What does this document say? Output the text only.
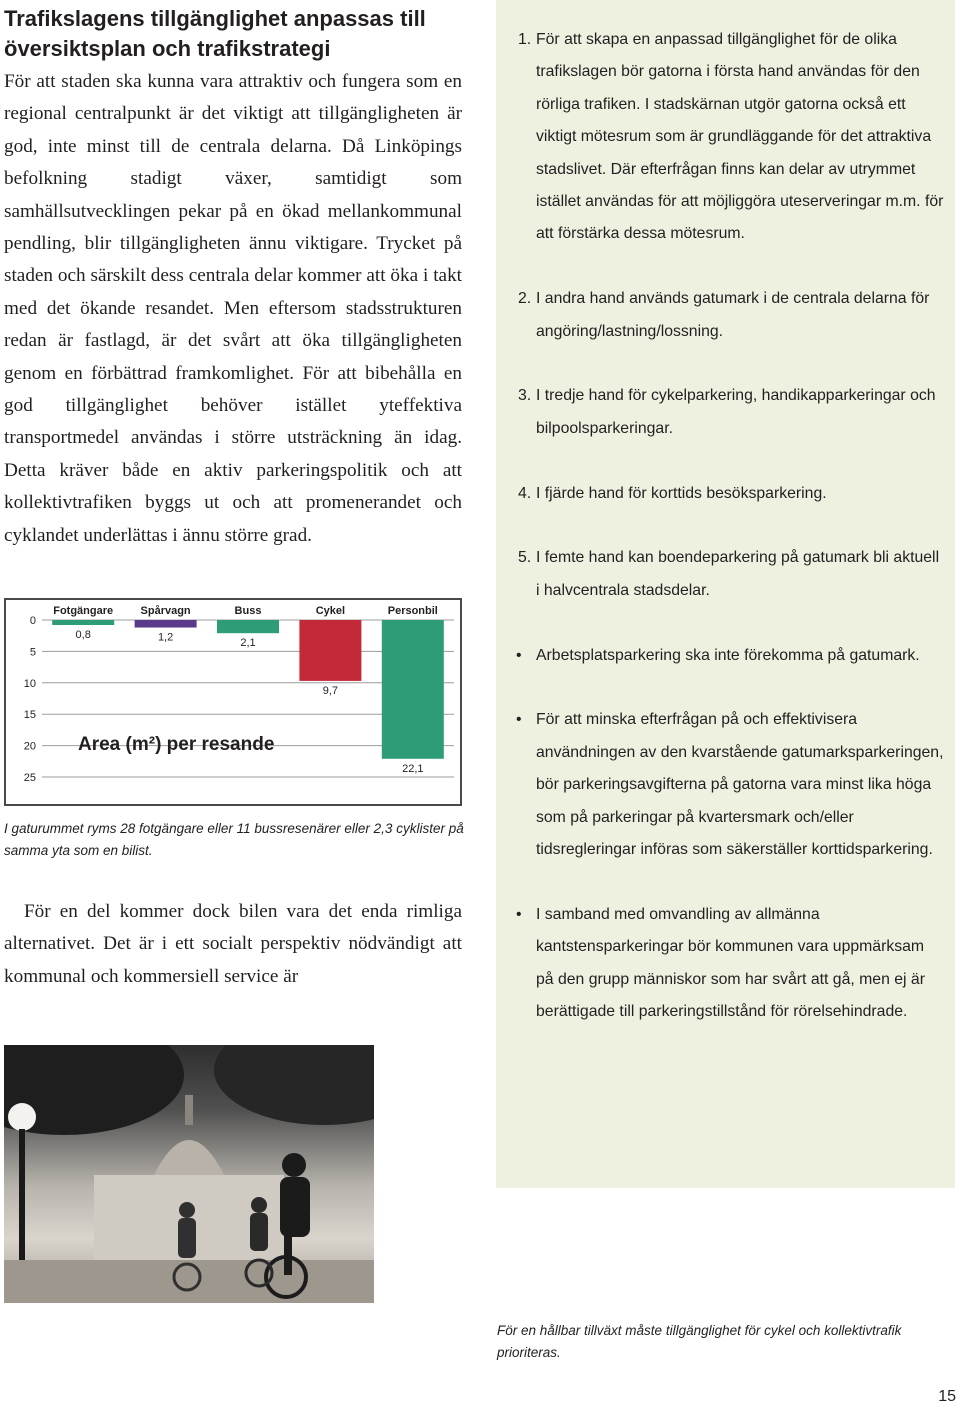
Trafikslagens tillgänglighet anpassas till översiktsplan och trafikstrategi

För att staden ska kunna vara attraktiv och fungera som en regional centralpunkt är det viktigt att tillgängligheten är god, inte minst till de centrala delarna. Då Linköpings befolkning stadigt växer, samtidigt som samhällsutvecklingen pekar på en ökad mellankommunal pendling, blir tillgängligheten ännu viktigare. Trycket på staden och särskilt dess centrala delar kommer att öka i takt med det ökande resandet. Men eftersom stadsstrukturen redan är fastlagd, är det svårt att öka tillgängligheten genom en förbättrad framkomlighet. För att bibehålla en god tillgänglighet behöver istället yteffektiva transportmedel användas i större utsträckning än idag. Detta kräver både en aktiv parkeringspolitik och att kollektivtrafiken byggs ut och att promenerandet och cyklandet underlättas i ännu större grad.

0
5
10
15
20
25
Fotgängare
0,8
Spårvagn
1,2
Buss
2,1
Cykel
9,7
Personbil
22,1
Area (m²) per resande

I gaturummet ryms 28 fotgängare eller 11 bussresenärer eller 2,3 cyklister på samma yta som en bilist.

För en del kommer dock bilen vara det enda rimliga alternativet. Det är i ett socialt perspektiv nödvändigt att kommunal och kommersiell service är

1. För att skapa en anpassad tillgänglighet för de olika trafikslagen bör gatorna i första hand användas för den rörliga trafiken. I stadskärnan utgör gatorna också ett viktigt mötesrum som är grundläggande för det attraktiva stadslivet. Där efterfrågan finns kan delar av utrymmet istället användas för att möjliggöra uteserveringar m.m. för att förstärka dessa mötesrum.
2. I andra hand används gatumark i de centrala delarna för angöring/lastning/lossning.
3. I tredje hand för cykelparkering, handikapparkeringar och bilpoolsparkeringar.
4. I fjärde hand för korttids besöksparkering.
5. I femte hand kan boendeparkering på gatumark bli aktuell i halvcentrala stadsdelar.
• Arbetsplatsparkering ska inte förekomma på gatumark.
• För att minska efterfrågan på och effektivisera användningen av den kvarstående gatumarksparkeringen, bör parkeringsavgifterna på gatorna vara minst lika höga som på parkeringar på kvartersmark och/eller tidsregleringar införas som säkerställer korttidsparkering.
• I samband med omvandling av allmänna kantstensparkeringar bör kommunen vara uppmärksam på den grupp människor som har svårt att gå, men ej är berättigade till parkeringstillstånd för rörelsehindrade.

För en hållbar tillväxt måste tillgänglighet för cykel och kollektivtrafik prioriteras.

15
